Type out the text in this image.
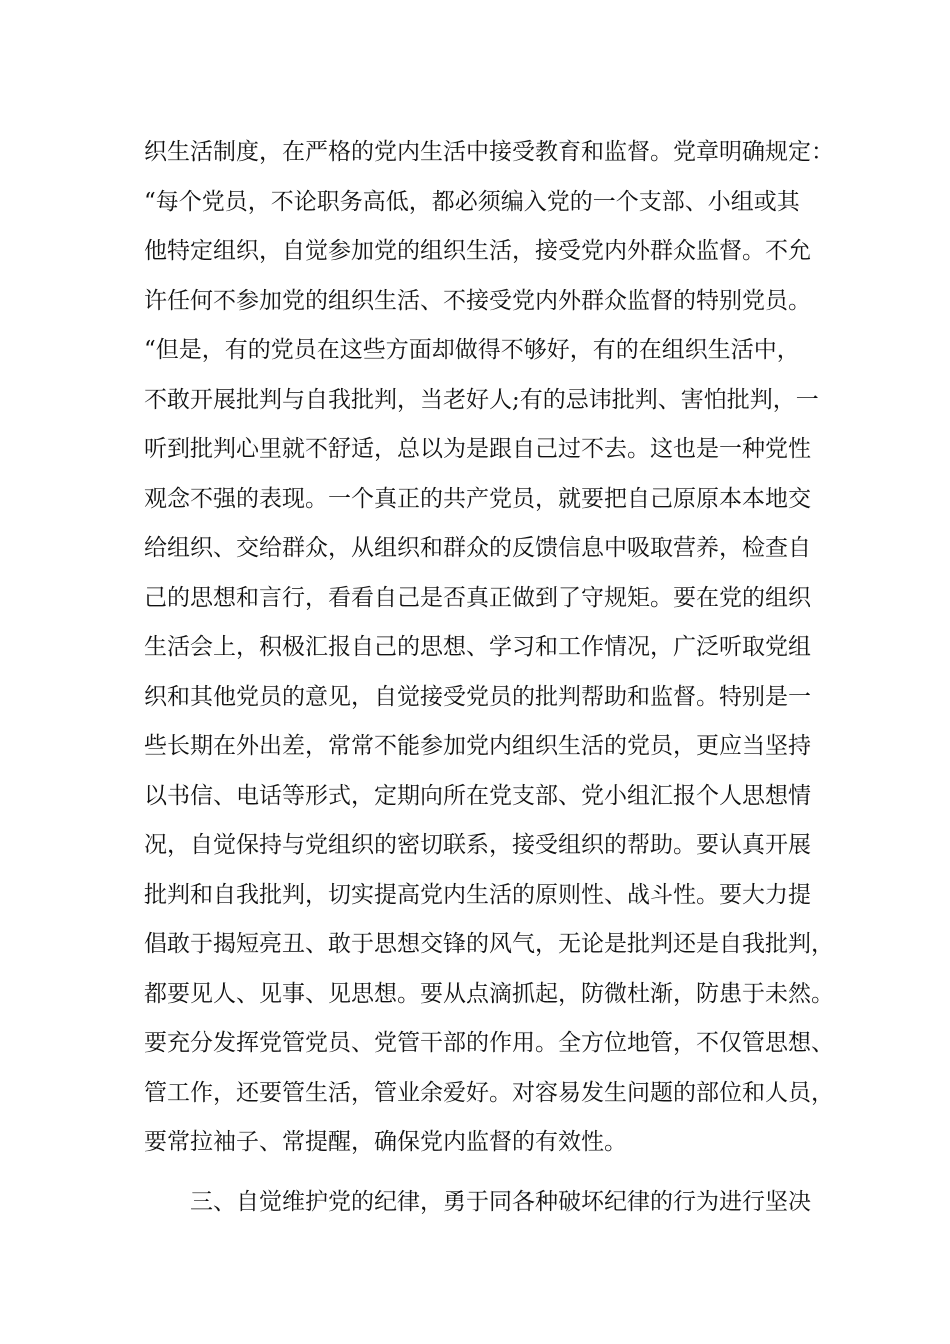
织生活制度，在严格的党内生活中接受教育和监督。党章明确规定：
“每个党员，不论职务高低，都必须编入党的一个支部、小组或其
他特定组织，自觉参加党的组织生活，接受党内外群众监督。不允
许任何不参加党的组织生活、不接受党内外群众监督的特别党员。
“但是，有的党员在这些方面却做得不够好，有的在组织生活中，
不敢开展批判与自我批判，当老好人;有的忌讳批判、害怕批判，一
听到批判心里就不舒适，总以为是跟自己过不去。这也是一种党性
观念不强的表现。一个真正的共产党员，就要把自己原原本本地交
给组织、交给群众，从组织和群众的反馈信息中吸取营养，检查自
己的思想和言行，看看自己是否真正做到了守规矩。要在党的组织
生活会上，积极汇报自己的思想、学习和工作情况，广泛听取党组
织和其他党员的意见，自觉接受党员的批判帮助和监督。特别是一
些长期在外出差，常常不能参加党内组织生活的党员，更应当坚持
以书信、电话等形式，定期向所在党支部、党小组汇报个人思想情
况，自觉保持与党组织的密切联系，接受组织的帮助。要认真开展
批判和自我批判，切实提高党内生活的原则性、战斗性。要大力提
倡敢于揭短亮丑、敢于思想交锋的风气，无论是批判还是自我批判，
都要见人、见事、见思想。要从点滴抓起，防微杜渐，防患于未然。
要充分发挥党管党员、党管干部的作用。全方位地管，不仅管思想、
管工作，还要管生活，管业余爱好。对容易发生问题的部位和人员，
要常拉袖子、常提醒，确保党内监督的有效性。
三、自觉维护党的纪律，勇于同各种破坏纪律的行为进行坚决
